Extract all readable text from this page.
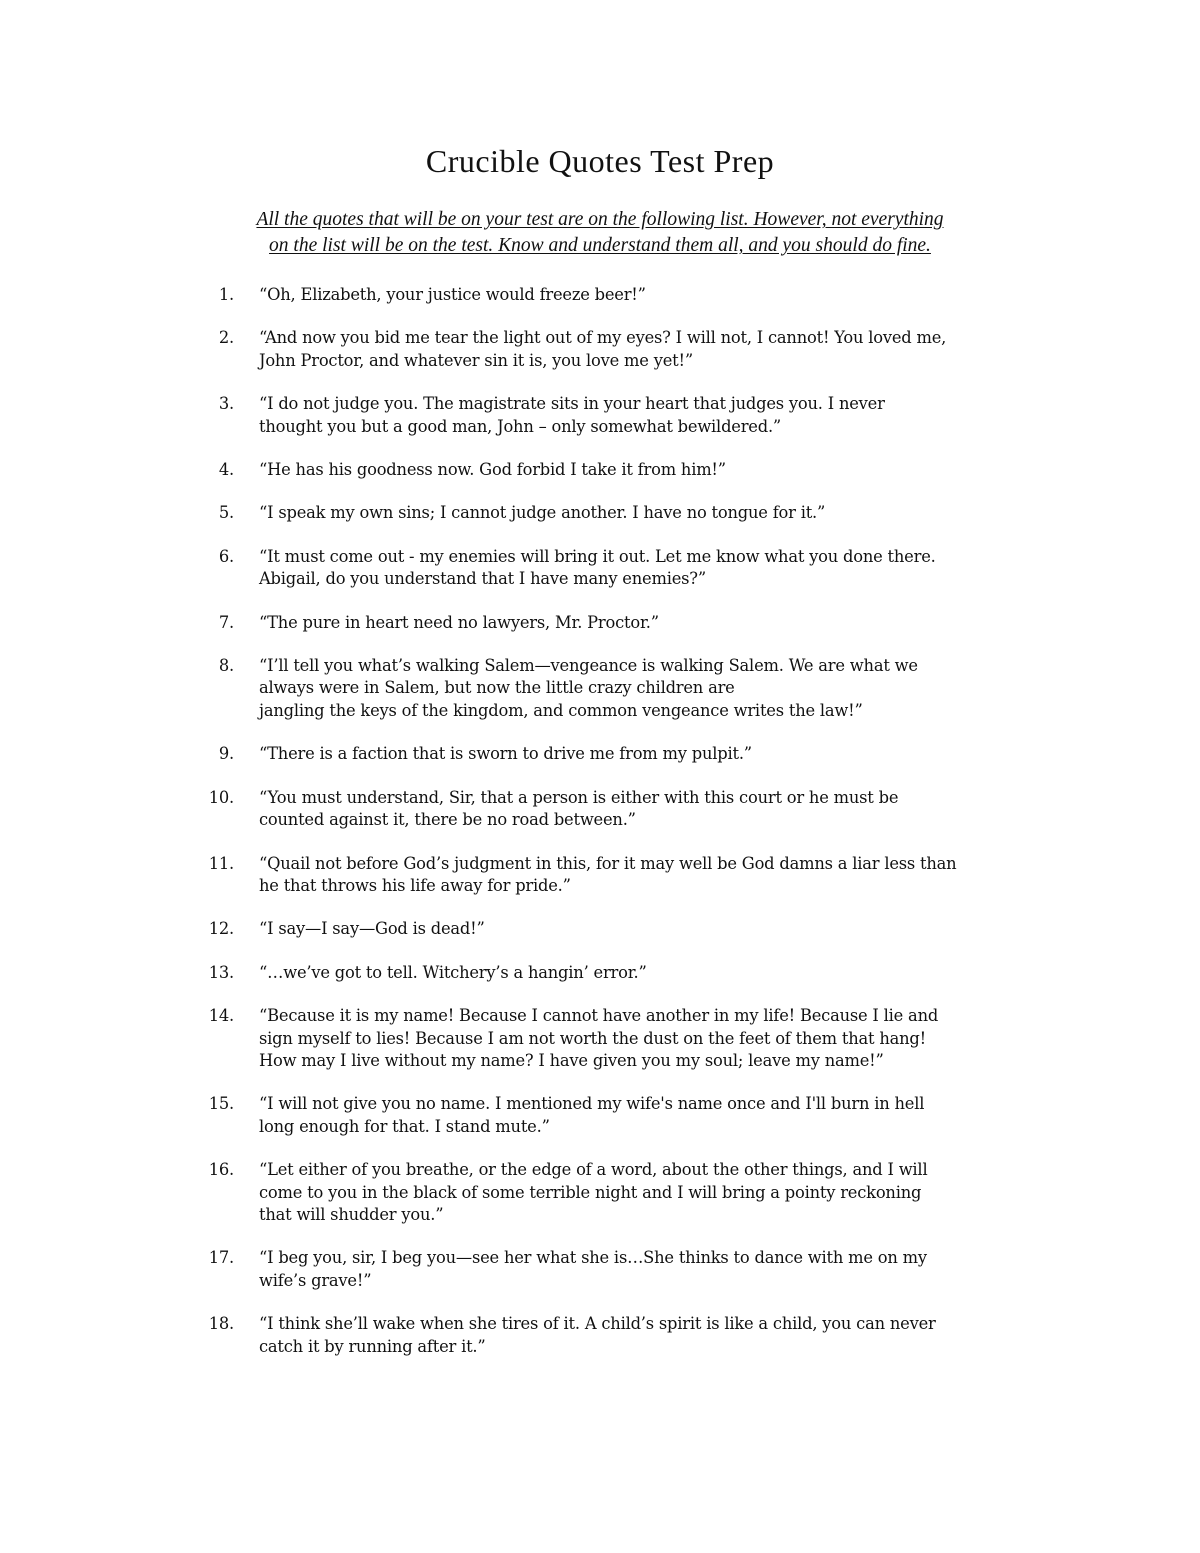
Crucible Quotes Test Prep

All the quotes that will be on your test are on the following list. However, not everything
on the list will be on the test. Know and understand them all, and you should do fine.

1. “Oh, Elizabeth, your justice would freeze beer!”
2. “And now you bid me tear the light out of my eyes? I will not, I cannot! You loved me,
John Proctor, and whatever sin it is, you love me yet!”
3. “I do not judge you. The magistrate sits in your heart that judges you. I never
thought you but a good man, John – only somewhat bewildered.”
4. “He has his goodness now. God forbid I take it from him!”
5. “I speak my own sins; I cannot judge another. I have no tongue for it.”
6. “It must come out - my enemies will bring it out. Let me know what you done there.
Abigail, do you understand that I have many enemies?”
7. “The pure in heart need no lawyers, Mr. Proctor.”
8. “I’ll tell you what’s walking Salem—vengeance is walking Salem. We are what we
always were in Salem, but now the little crazy children are
jangling the keys of the kingdom, and common vengeance writes the law!”
9. “There is a faction that is sworn to drive me from my pulpit.”
10. “You must understand, Sir, that a person is either with this court or he must be
counted against it, there be no road between.”
11. “Quail not before God’s judgment in this, for it may well be God damns a liar less than
he that throws his life away for pride.”
12. “I say—I say—God is dead!”
13. “…we’ve got to tell. Witchery’s a hangin’ error.”
14. “Because it is my name! Because I cannot have another in my life! Because I lie and
sign myself to lies! Because I am not worth the dust on the feet of them that hang!
How may I live without my name? I have given you my soul; leave my name!”
15. “I will not give you no name. I mentioned my wife's name once and I'll burn in hell
long enough for that. I stand mute.”
16. “Let either of you breathe, or the edge of a word, about the other things, and I will
come to you in the black of some terrible night and I will bring a pointy reckoning
that will shudder you.”
17. “I beg you, sir, I beg you—see her what she is…She thinks to dance with me on my
wife’s grave!”
18. “I think she’ll wake when she tires of it. A child’s spirit is like a child, you can never
catch it by running after it.”
